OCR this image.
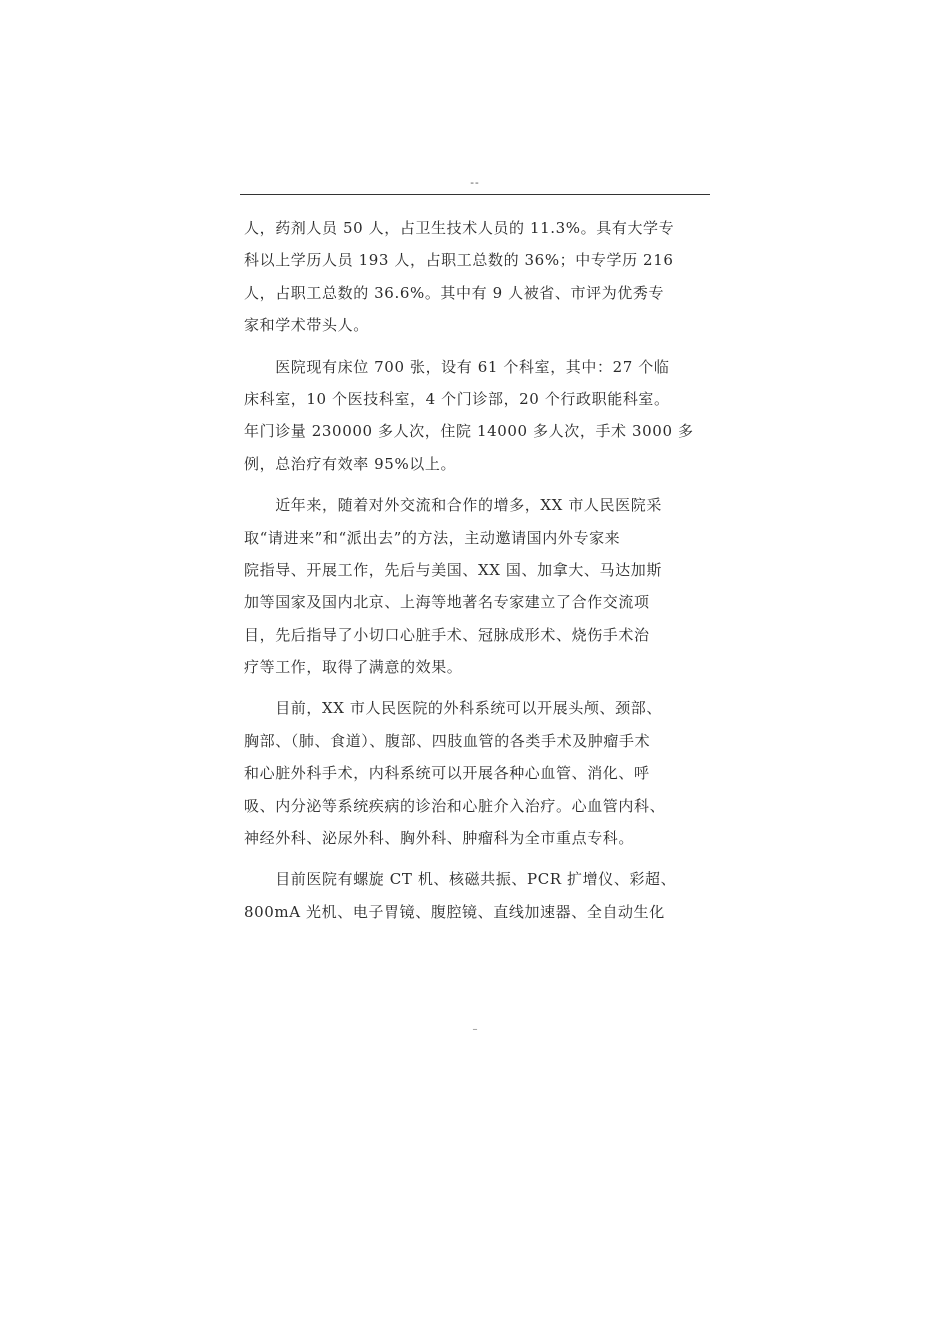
--

人，药剂人员 50 人，占卫生技术人员的 11.3%。具有大学专
科以上学历人员 193 人，占职工总数的 36%；中专学历 216
人，占职工总数的 36.6%。其中有 9 人被省、市评为优秀专
家和学术带头人。

　　医院现有床位 700 张，设有 61 个科室，其中：27 个临
床科室，10 个医技科室，4 个门诊部，20 个行政职能科室。
年门诊量 230000 多人次，住院 14000 多人次，手术 3000 多
例，总治疗有效率 95%以上。

　　近年来，随着对外交流和合作的增多，XX 市人民医院采
取“请进来”和“派出去”的方法，主动邀请国内外专家来
院指导、开展工作，先后与美国、XX 国、加拿大、马达加斯
加等国家及国内北京、上海等地著名专家建立了合作交流项
目，先后指导了小切口心脏手术、冠脉成形术、烧伤手术治
疗等工作，取得了满意的效果。

　　目前，XX 市人民医院的外科系统可以开展头颅、颈部、
胸部、（肺、食道）、腹部、四肢血管的各类手术及肿瘤手术
和心脏外科手术，内科系统可以开展各种心血管、消化、呼
吸、内分泌等系统疾病的诊治和心脏介入治疗。心血管内科、
神经外科、泌尿外科、胸外科、肿瘤科为全市重点专科。

　　目前医院有螺旋 CT 机、核磁共振、PCR 扩增仪、彩超、
800mA 光机、电子胃镜、腹腔镜、直线加速器、全自动生化

–
